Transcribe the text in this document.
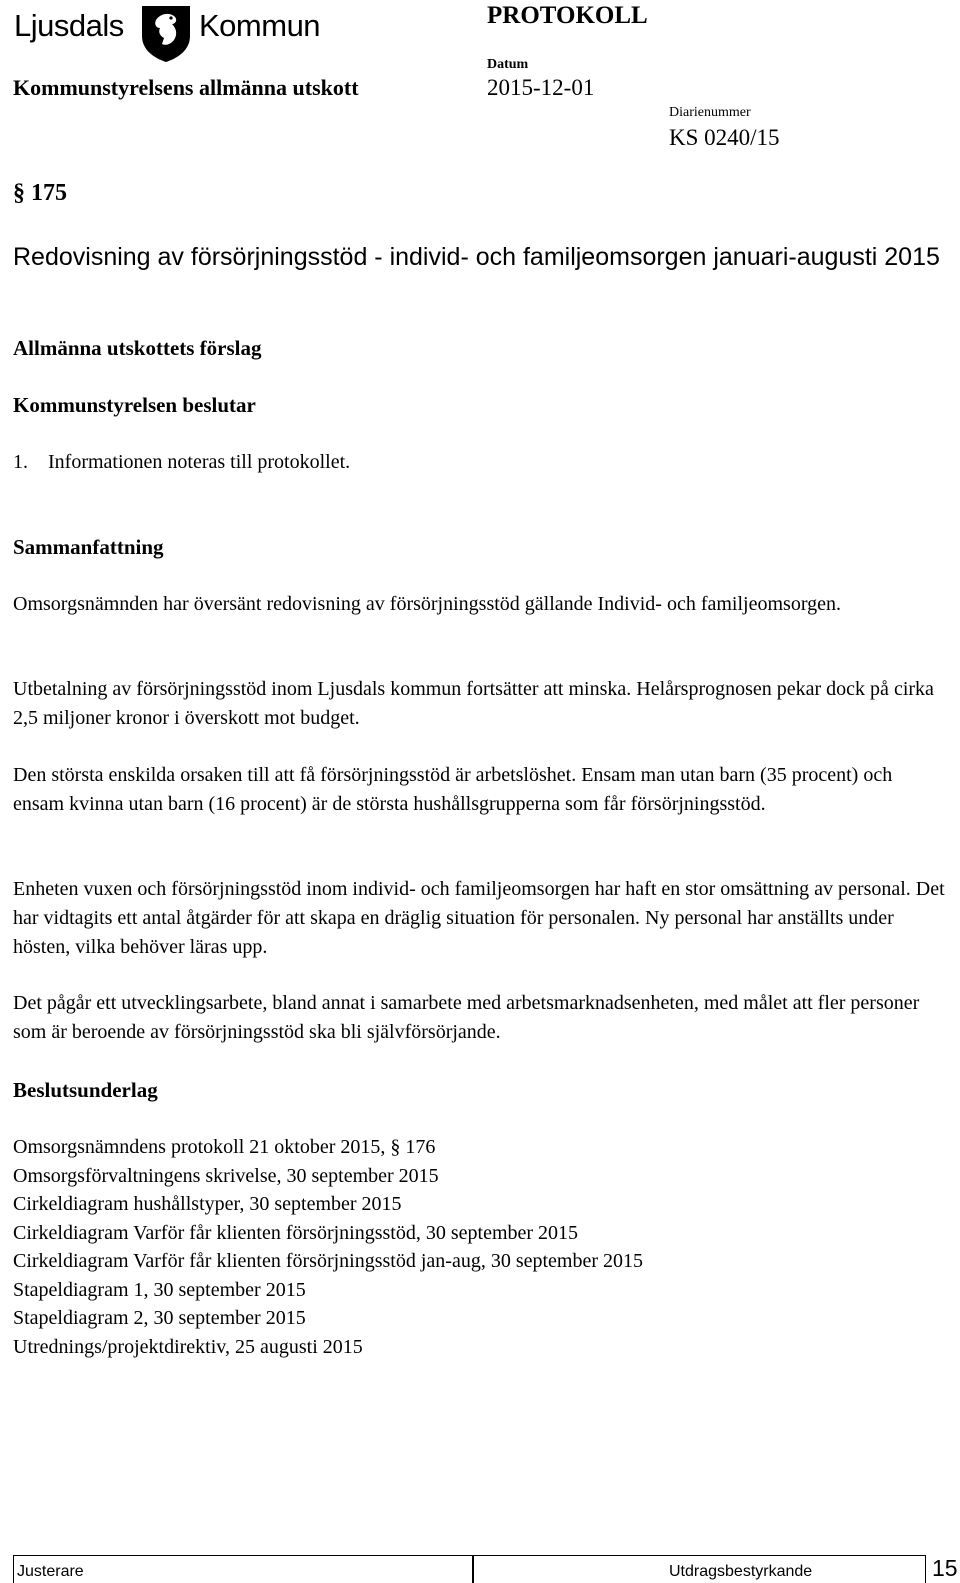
Ljusdals Kommun	PROTOKOLL
Kommunstyrelsens allmänna utskott
Datum
2015-12-01
Diarienummer
KS 0240/15
§ 175
Redovisning av försörjningsstöd - individ- och familjeomsorgen januari-augusti 2015
Allmänna utskottets förslag
Kommunstyrelsen beslutar
1.    Informationen noteras till protokollet.
Sammanfattning
Omsorgsnämnden har översänt redovisning av försörjningsstöd gällande Individ- och familjeomsorgen.
Utbetalning av försörjningsstöd inom Ljusdals kommun fortsätter att minska. Helårsprognosen pekar dock på cirka 2,5 miljoner kronor i överskott mot budget.
Den största enskilda orsaken till att få försörjningsstöd är arbetslöshet. Ensam man utan barn (35 procent) och ensam kvinna utan barn (16 procent) är de största hushållsgrupperna som får försörjningsstöd.
Enheten vuxen och försörjningsstöd inom individ- och familjeomsorgen har haft en stor omsättning av personal. Det har vidtagits ett antal åtgärder för att skapa en dräglig situation för personalen. Ny personal har anställts under hösten, vilka behöver läras upp.
Det pågår ett utvecklingsarbete, bland annat i samarbete med arbetsmarknadsenheten, med målet att fler personer som är beroende av försörjningsstöd ska bli självförsörjande.
Beslutsunderlag
Omsorgsnämndens protokoll 21 oktober 2015, § 176
Omsorgsförvaltningens skrivelse, 30 september 2015
Cirkeldiagram hushållstyper, 30 september 2015
Cirkeldiagram Varför får klienten försörjningsstöd, 30 september 2015
Cirkeldiagram Varför får klienten försörjningsstöd jan-aug, 30 september 2015
Stapeldiagram 1, 30 september 2015
Stapeldiagram 2, 30 september 2015
Utrednings/projektdirektiv, 25 augusti 2015
Justerare	Utdragsbestyrkande	15
